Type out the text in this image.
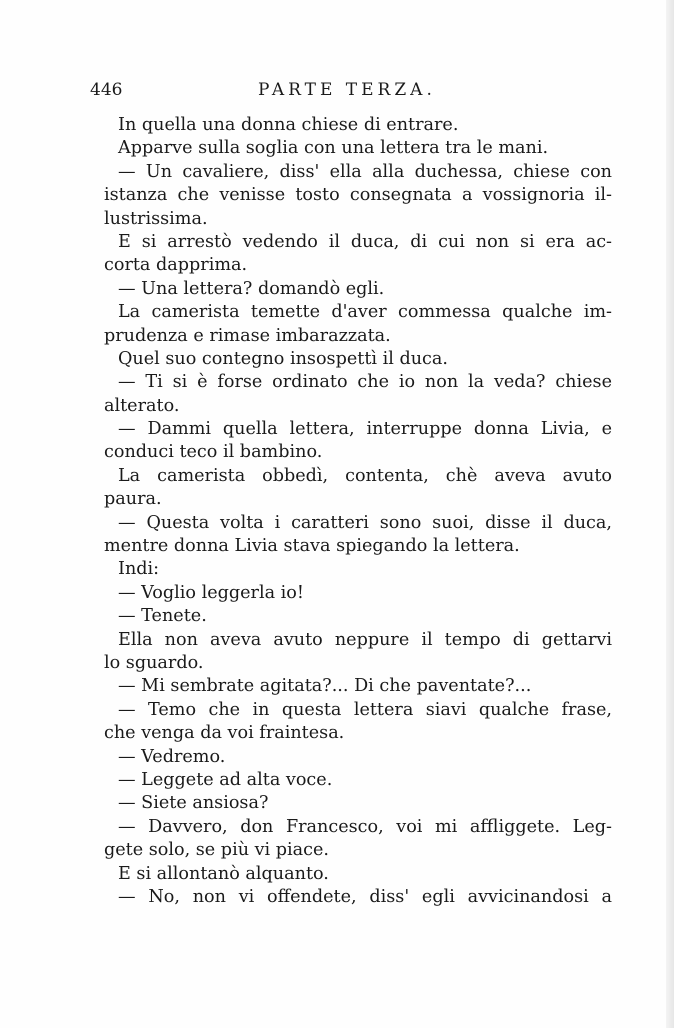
446	PARTE TERZA.
In quella una donna chiese di entrare.
Apparve sulla soglia con una lettera tra le mani.
— Un cavaliere, diss' ella alla duchessa, chiese con
istanza che venisse tosto consegnata a vossignoria il-
lustrissima.
E si arrestò vedendo il duca, di cui non si era ac-
corta dapprima.
— Una lettera? domandò egli.
La camerista temette d'aver commessa qualche im-
prudenza e rimase imbarazzata.
Quel suo contegno insospettì il duca.
— Ti si è forse ordinato che io non la veda? chiese
alterato.
— Dammi quella lettera, interruppe donna Livia, e
conduci teco il bambino.
La camerista obbedì, contenta, chè aveva avuto
paura.
— Questa volta i caratteri sono suoi, disse il duca,
mentre donna Livia stava spiegando la lettera.
Indi:
— Voglio leggerla io!
— Tenete.
Ella non aveva avuto neppure il tempo di gettarvi
lo sguardo.
— Mi sembrate agitata?... Di che paventate?...
— Temo che in questa lettera siavi qualche frase,
che venga da voi fraintesa.
— Vedremo.
— Leggete ad alta voce.
— Siete ansiosa?
— Davvero, don Francesco, voi mi affliggete. Leg-
gete solo, se più vi piace.
E si allontanò alquanto.
— No, non vi offendete, diss' egli avvicinandosi a
